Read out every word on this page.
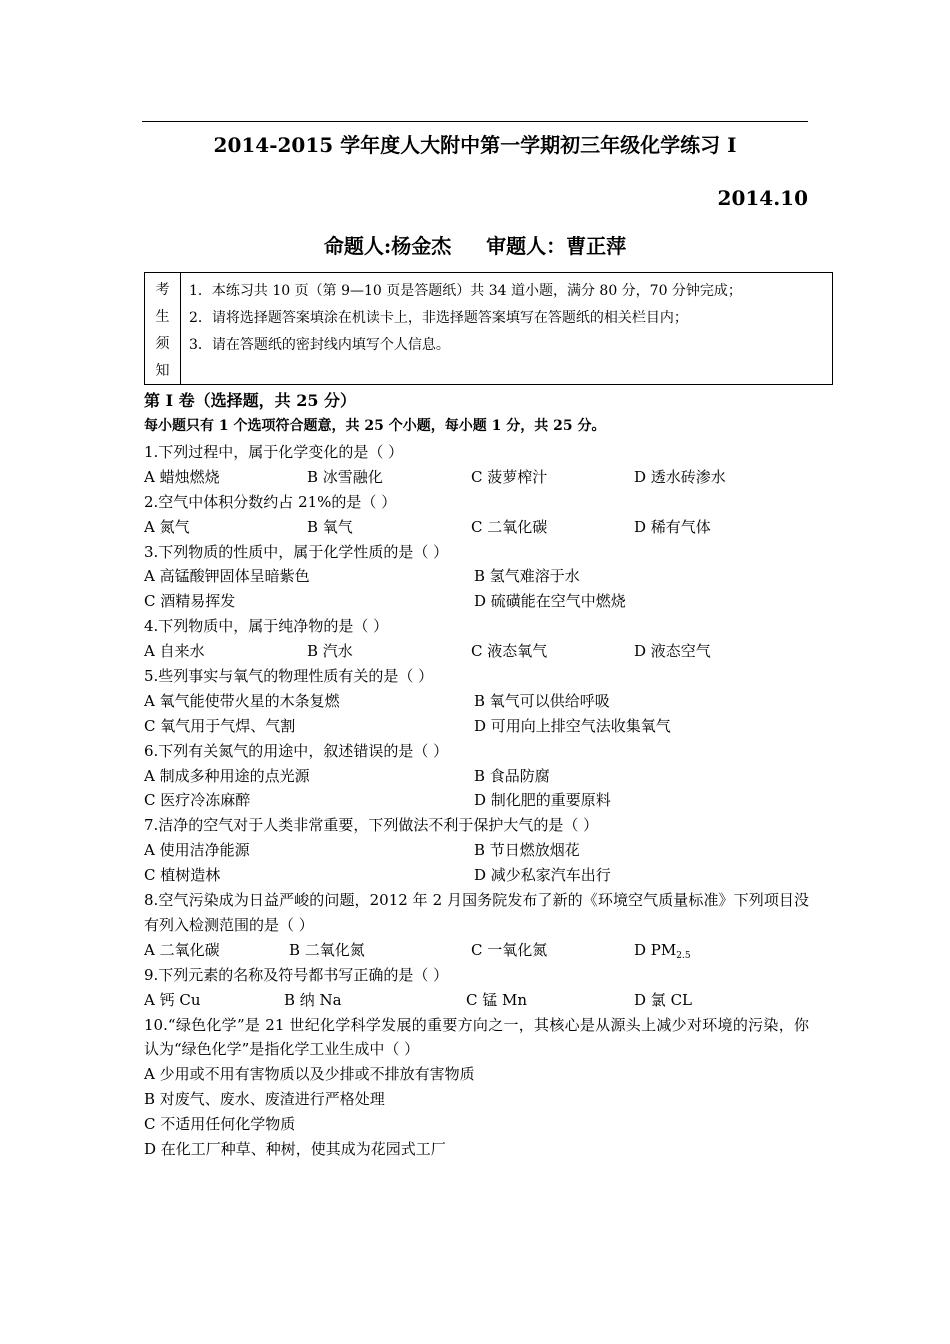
2014-2015 学年度人大附中第一学期初三年级化学练习 I
2014.10
命题人:杨金杰     审题人：曹正萍
考
生
须
知
1．本练习共 10 页（第 9—10 页是答题纸）共 34 道小题，满分 80 分，70 分钟完成；
2．请将选择题答案填涂在机读卡上，非选择题答案填写在答题纸的相关栏目内；
3．请在答题纸的密封线内填写个人信息。
第 I 卷（选择题，共 25 分）
每小题只有 1 个选项符合题意，共 25 个小题，每小题 1 分，共 25 分。
1.下列过程中，属于化学变化的是（ ）
A 蜡烛燃烧	B 冰雪融化	C 菠萝榨汁	D 透水砖渗水
2.空气中体积分数约占 21%的是（ ）
A 氮气	B 氧气	C 二氧化碳	D 稀有气体
3.下列物质的性质中，属于化学性质的是（ ）
A 高锰酸钾固体呈暗紫色	B 氢气难溶于水
C 酒精易挥发	D 硫磺能在空气中燃烧
4.下列物质中，属于纯净物的是（ ）
A 自来水	B 汽水	C 液态氧气	D 液态空气
5.些列事实与氧气的物理性质有关的是（ ）
A 氧气能使带火星的木条复燃	B 氧气可以供给呼吸
C 氧气用于气焊、气割	D 可用向上排空气法收集氧气
6.下列有关氮气的用途中，叙述错误的是（ ）
A 制成多种用途的点光源	B 食品防腐
C 医疗冷冻麻醉	D 制化肥的重要原料
7.洁净的空气对于人类非常重要，下列做法不利于保护大气的是（ ）
A 使用洁净能源	B 节日燃放烟花
C 植树造林	D 减少私家汽车出行
8.空气污染成为日益严峻的问题，2012 年 2 月国务院发布了新的《环境空气质量标准》下列项目没有列入检测范围的是（ ）
A 二氧化碳	B 二氧化氮	C 一氧化氮	D $PM_{2.5}$
9.下列元素的名称及符号都书写正确的是（ ）
A 钙 Cu	B 纳 Na	C 锰 Mn	D 氯 CL
10.“绿色化学”是 21 世纪化学科学发展的重要方向之一，其核心是从源头上减少对环境的污染，你认为“绿色化学”是指化学工业生成中（ ）
A 少用或不用有害物质以及少排或不排放有害物质
B 对废气、废水、废渣进行严格处理
C 不适用任何化学物质
D 在化工厂种草、种树，使其成为花园式工厂
